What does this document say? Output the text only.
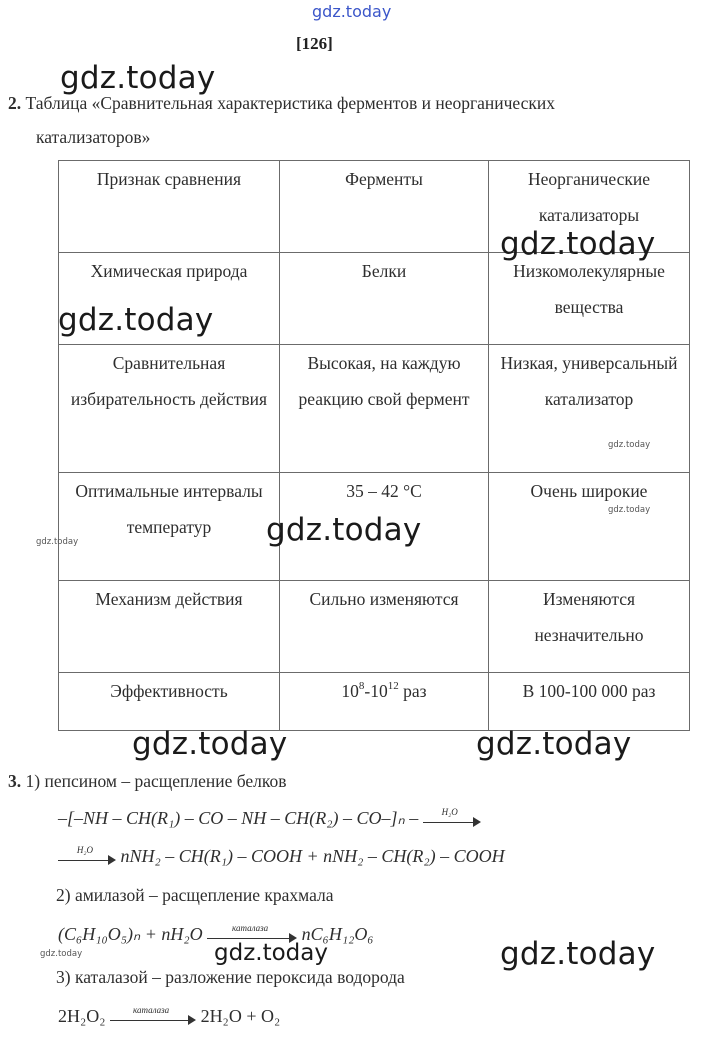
gdz.today
[126]
2. Таблица «Сравнительная характеристика ферментов и неорганических
катализаторов»
Признак сравнения	Ферменты	Неорганические катализаторы
Химическая природа	Белки	Низкомолекулярные вещества
Сравнительная избирательность действия	Высокая, на каждую реакцию свой фермент	Низкая, универсальный катализатор
Оптимальные интервалы температур	35 – 42 °С	Очень широкие
Механизм действия	Сильно изменяются	Изменяются незначительно
Эффективность	$10^8-10^{12}$ раз	В 100-100 000 раз
3. 1) пепсином – расщепление белков
–[–NH – CH(R₁) – CO – NH – CH(R₂) – CO–]ₙ –	H₂O
H₂O	nNH₂ – CH(R₁) – COOH + nNH₂ – CH(R₂) – COOH
2) амилазой – расщепление крахмала
(C₆H₁₀O₅)ₙ + nH₂O	каталаза	nC₆H₁₂O₆
3) каталазой – разложение пероксида водорода
2H₂O₂	каталаза	2H₂O + O₂
gdz.today
gdz.today
gdz.today
gdz.today
gdz.today
gdz.today	gdz.today
gdz.today	gdz.today
gdz.today	gdz.today	gdz.today
